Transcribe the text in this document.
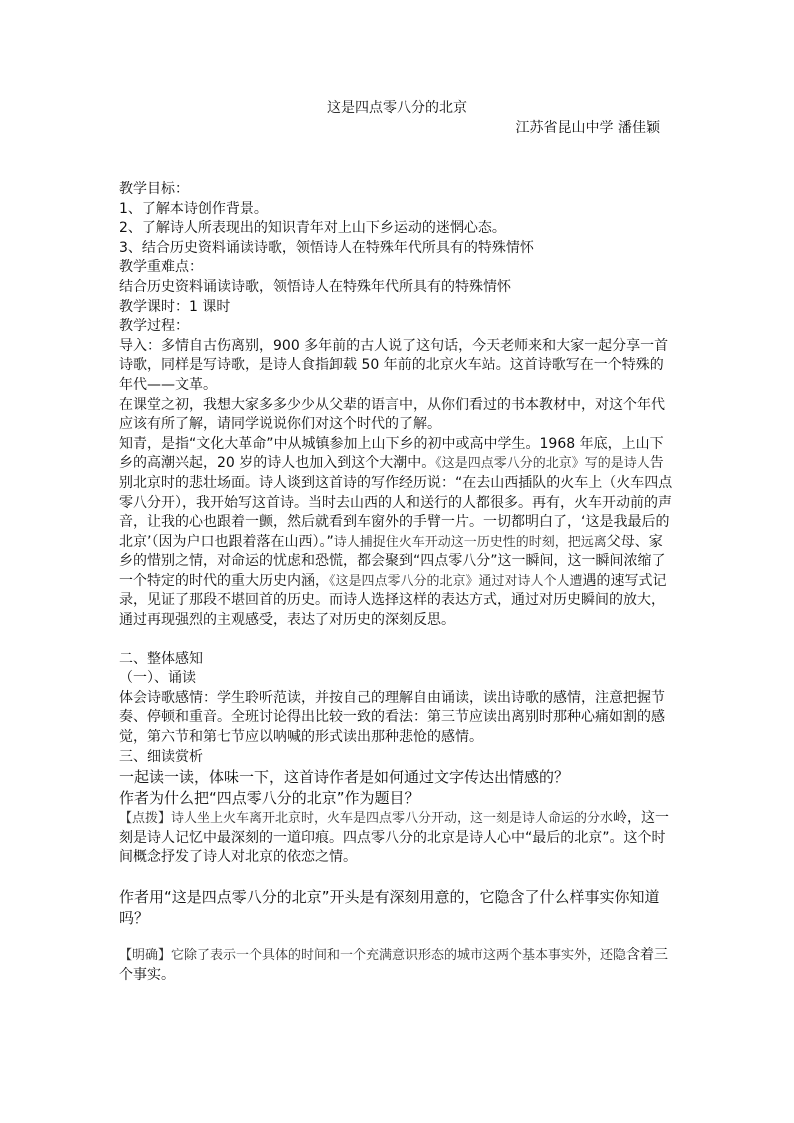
这是四点零八分的北京
江苏省昆山中学 潘佳颖

教学目标：

1、了解本诗创作背景。

2、了解诗人所表现出的知识青年对上山下乡运动的迷惘心态。

3、结合历史资料诵读诗歌，领悟诗人在特殊年代所具有的特殊情怀

教学重难点：

结合历史资料诵读诗歌，领悟诗人在特殊年代所具有的特殊情怀

教学课时：1 课时

教学过程：

导入：多情自古伤离别，900 多年前的古人说了这句话，今天老师来和大家一起分享一首诗歌，同样是写诗歌，是诗人食指卸载 50 年前的北京火车站。这首诗歌写在一个特殊的年代——文革。

在课堂之初，我想大家多多少少从父辈的语言中，从你们看过的书本教材中，对这个年代应该有所了解，请同学说说你们对这个时代的了解。

知青，是指“文化大革命”中从城镇参加上山下乡的初中或高中学生。1968 年底，上山下乡的高潮兴起，20 岁的诗人也加入到这个大潮中。《这是四点零八分的北京》写的是诗人告别北京时的悲壮场面。诗人谈到这首诗的写作经历说：“在去山西插队的火车上（火车四点零八分开），我开始写这首诗。当时去山西的人和送行的人都很多。再有，火车开动前的声音，让我的心也跟着一颤，然后就看到车窗外的手臂一片。一切都明白了，‘这是我最后的北京’（因为户口也跟着落在山西）。”诗人捕捉住火车开动这一历史性的时刻，把远离父母、家乡的惜别之情，对命运的忧虑和恐慌，都会聚到“四点零八分”这一瞬间，这一瞬间浓缩了一个特定的时代的重大历史内涵，《这是四点零八分的北京》通过对诗人个人遭遇的速写式记录，见证了那段不堪回首的历史。而诗人选择这样的表达方式，通过对历史瞬间的放大，通过再现强烈的主观感受，表达了对历史的深刻反思。

二、整体感知

（一）、诵读

体会诗歌感情：学生聆听范读，并按自己的理解自由诵读，读出诗歌的感情，注意把握节奏、停顿和重音。全班讨论得出比较一致的看法：第三节应读出离别时那种心痛如割的感觉，第六节和第七节应以呐喊的形式读出那种悲怆的感情。

三、细读赏析

一起读一读，体味一下，这首诗作者是如何通过文字传达出情感的？

作者为什么把“四点零八分的北京”作为题目？

【点拨】诗人坐上火车离开北京时，火车是四点零八分开动，这一刻是诗人命运的分水岭，这一刻是诗人记忆中最深刻的一道印痕。四点零八分的北京是诗人心中“最后的北京”。这个时间概念抒发了诗人对北京的依恋之情。

作者用“这是四点零八分的北京”开头是有深刻用意的，它隐含了什么样事实你知道吗？

【明确】它除了表示一个具体的时间和一个充满意识形态的城市这两个基本事实外，还隐含着三个事实。
